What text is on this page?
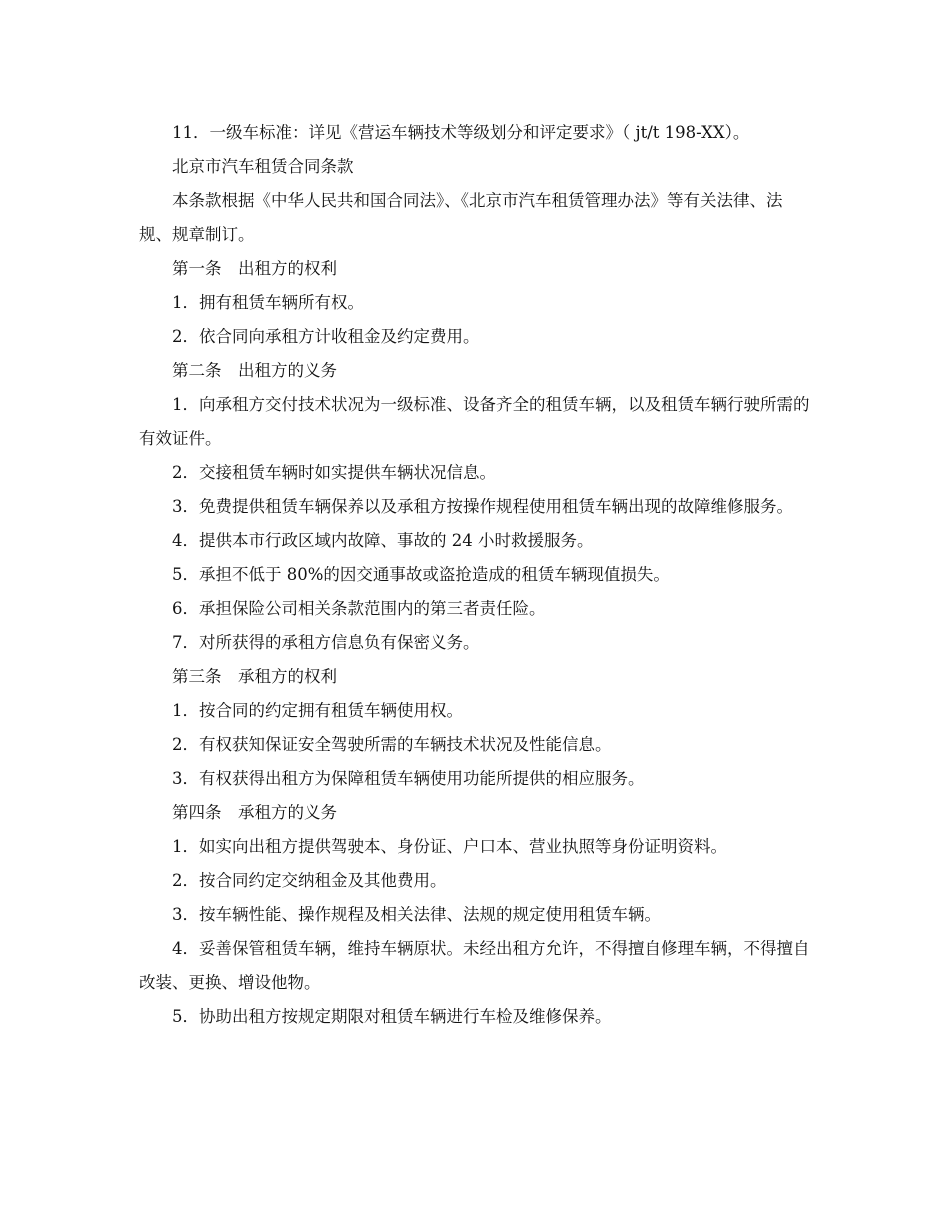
11．一级车标准：详见《营运车辆技术等级划分和评定要求》（ jt/t 198-XX）。

北京市汽车租赁合同条款

本条款根据《中华人民共和国合同法》、《北京市汽车租赁管理办法》等有关法律、法规、规章制订。

第一条　出租方的权利

1．拥有租赁车辆所有权。

2．依合同向承租方计收租金及约定费用。

第二条　出租方的义务

1．向承租方交付技术状况为一级标准、设备齐全的租赁车辆，以及租赁车辆行驶所需的有效证件。

2．交接租赁车辆时如实提供车辆状况信息。

3．免费提供租赁车辆保养以及承租方按操作规程使用租赁车辆出现的故障维修服务。

4．提供本市行政区域内故障、事故的 24 小时救援服务。

5．承担不低于 80%的因交通事故或盗抢造成的租赁车辆现值损失。

6．承担保险公司相关条款范围内的第三者责任险。

7．对所获得的承租方信息负有保密义务。

第三条　承租方的权利

1．按合同的约定拥有租赁车辆使用权。

2．有权获知保证安全驾驶所需的车辆技术状况及性能信息。

3．有权获得出租方为保障租赁车辆使用功能所提供的相应服务。

第四条　承租方的义务

1．如实向出租方提供驾驶本、身份证、户口本、营业执照等身份证明资料。

2．按合同约定交纳租金及其他费用。

3．按车辆性能、操作规程及相关法律、法规的规定使用租赁车辆。

4．妥善保管租赁车辆，维持车辆原状。未经出租方允许，不得擅自修理车辆，不得擅自改装、更换、增设他物。

5．协助出租方按规定期限对租赁车辆进行车检及维修保养。
